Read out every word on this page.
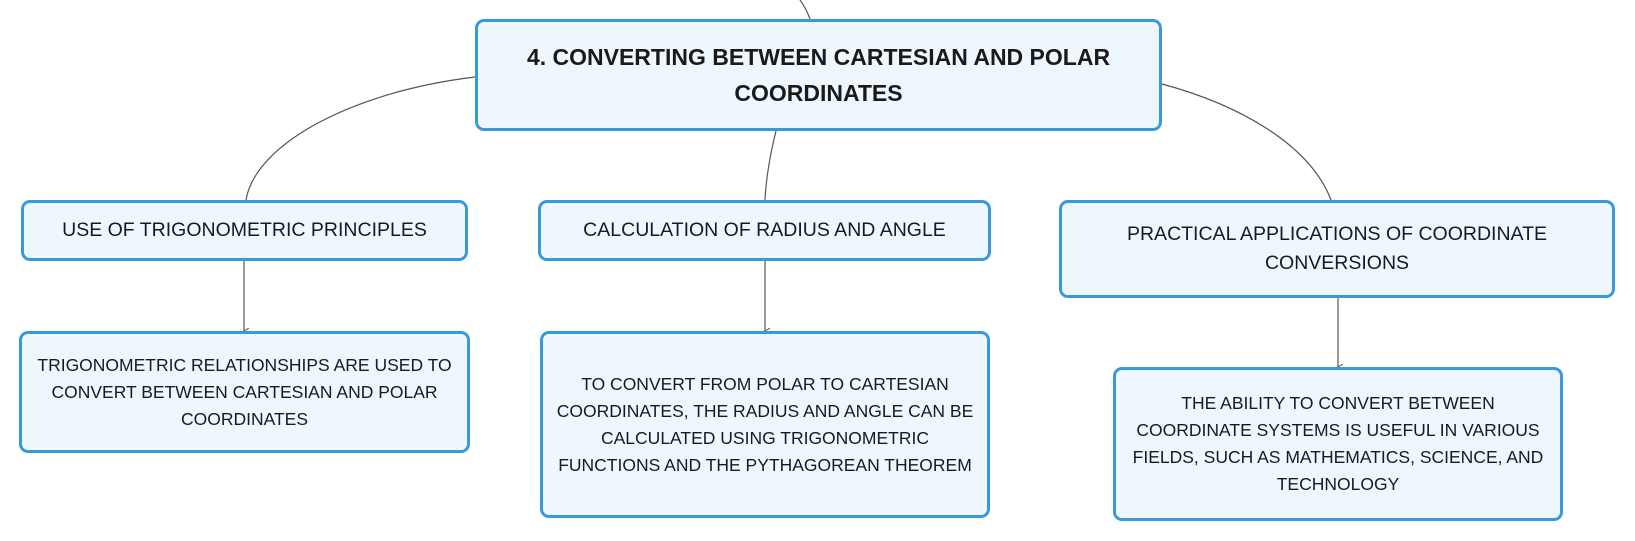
4. CONVERTING BETWEEN CARTESIAN AND POLAR COORDINATES
USE OF TRIGONOMETRIC PRINCIPLES	CALCULATION OF RADIUS AND ANGLE	PRACTICAL APPLICATIONS OF COORDINATE CONVERSIONS
TRIGONOMETRIC RELATIONSHIPS ARE USED TO CONVERT BETWEEN CARTESIAN AND POLAR COORDINATES
TO CONVERT FROM POLAR TO CARTESIAN COORDINATES, THE RADIUS AND ANGLE CAN BE CALCULATED USING TRIGONOMETRIC FUNCTIONS AND THE PYTHAGOREAN THEOREM
THE ABILITY TO CONVERT BETWEEN COORDINATE SYSTEMS IS USEFUL IN VARIOUS FIELDS, SUCH AS MATHEMATICS, SCIENCE, AND TECHNOLOGY
